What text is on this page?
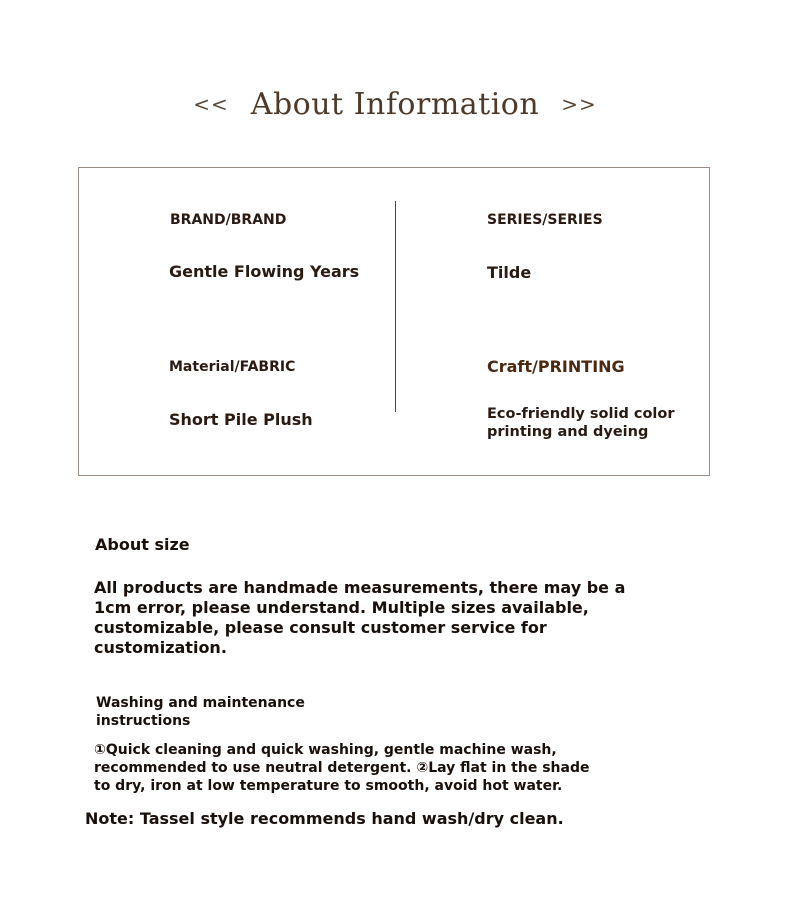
<< About Information >>
BRAND/BRAND
Gentle Flowing Years
SERIES/SERIES
Tilde
Material/FABRIC
Short Pile Plush
Craft/PRINTING
Eco-friendly solid color printing and dyeing
About size
All products are handmade measurements, there may be a 1cm error, please understand. Multiple sizes available, customizable, please consult customer service for customization.
Washing and maintenance instructions
①Quick cleaning and quick washing, gentle machine wash, recommended to use neutral detergent. ②Lay flat in the shade to dry, iron at low temperature to smooth, avoid hot water.
Note: Tassel style recommends hand wash/dry clean.
